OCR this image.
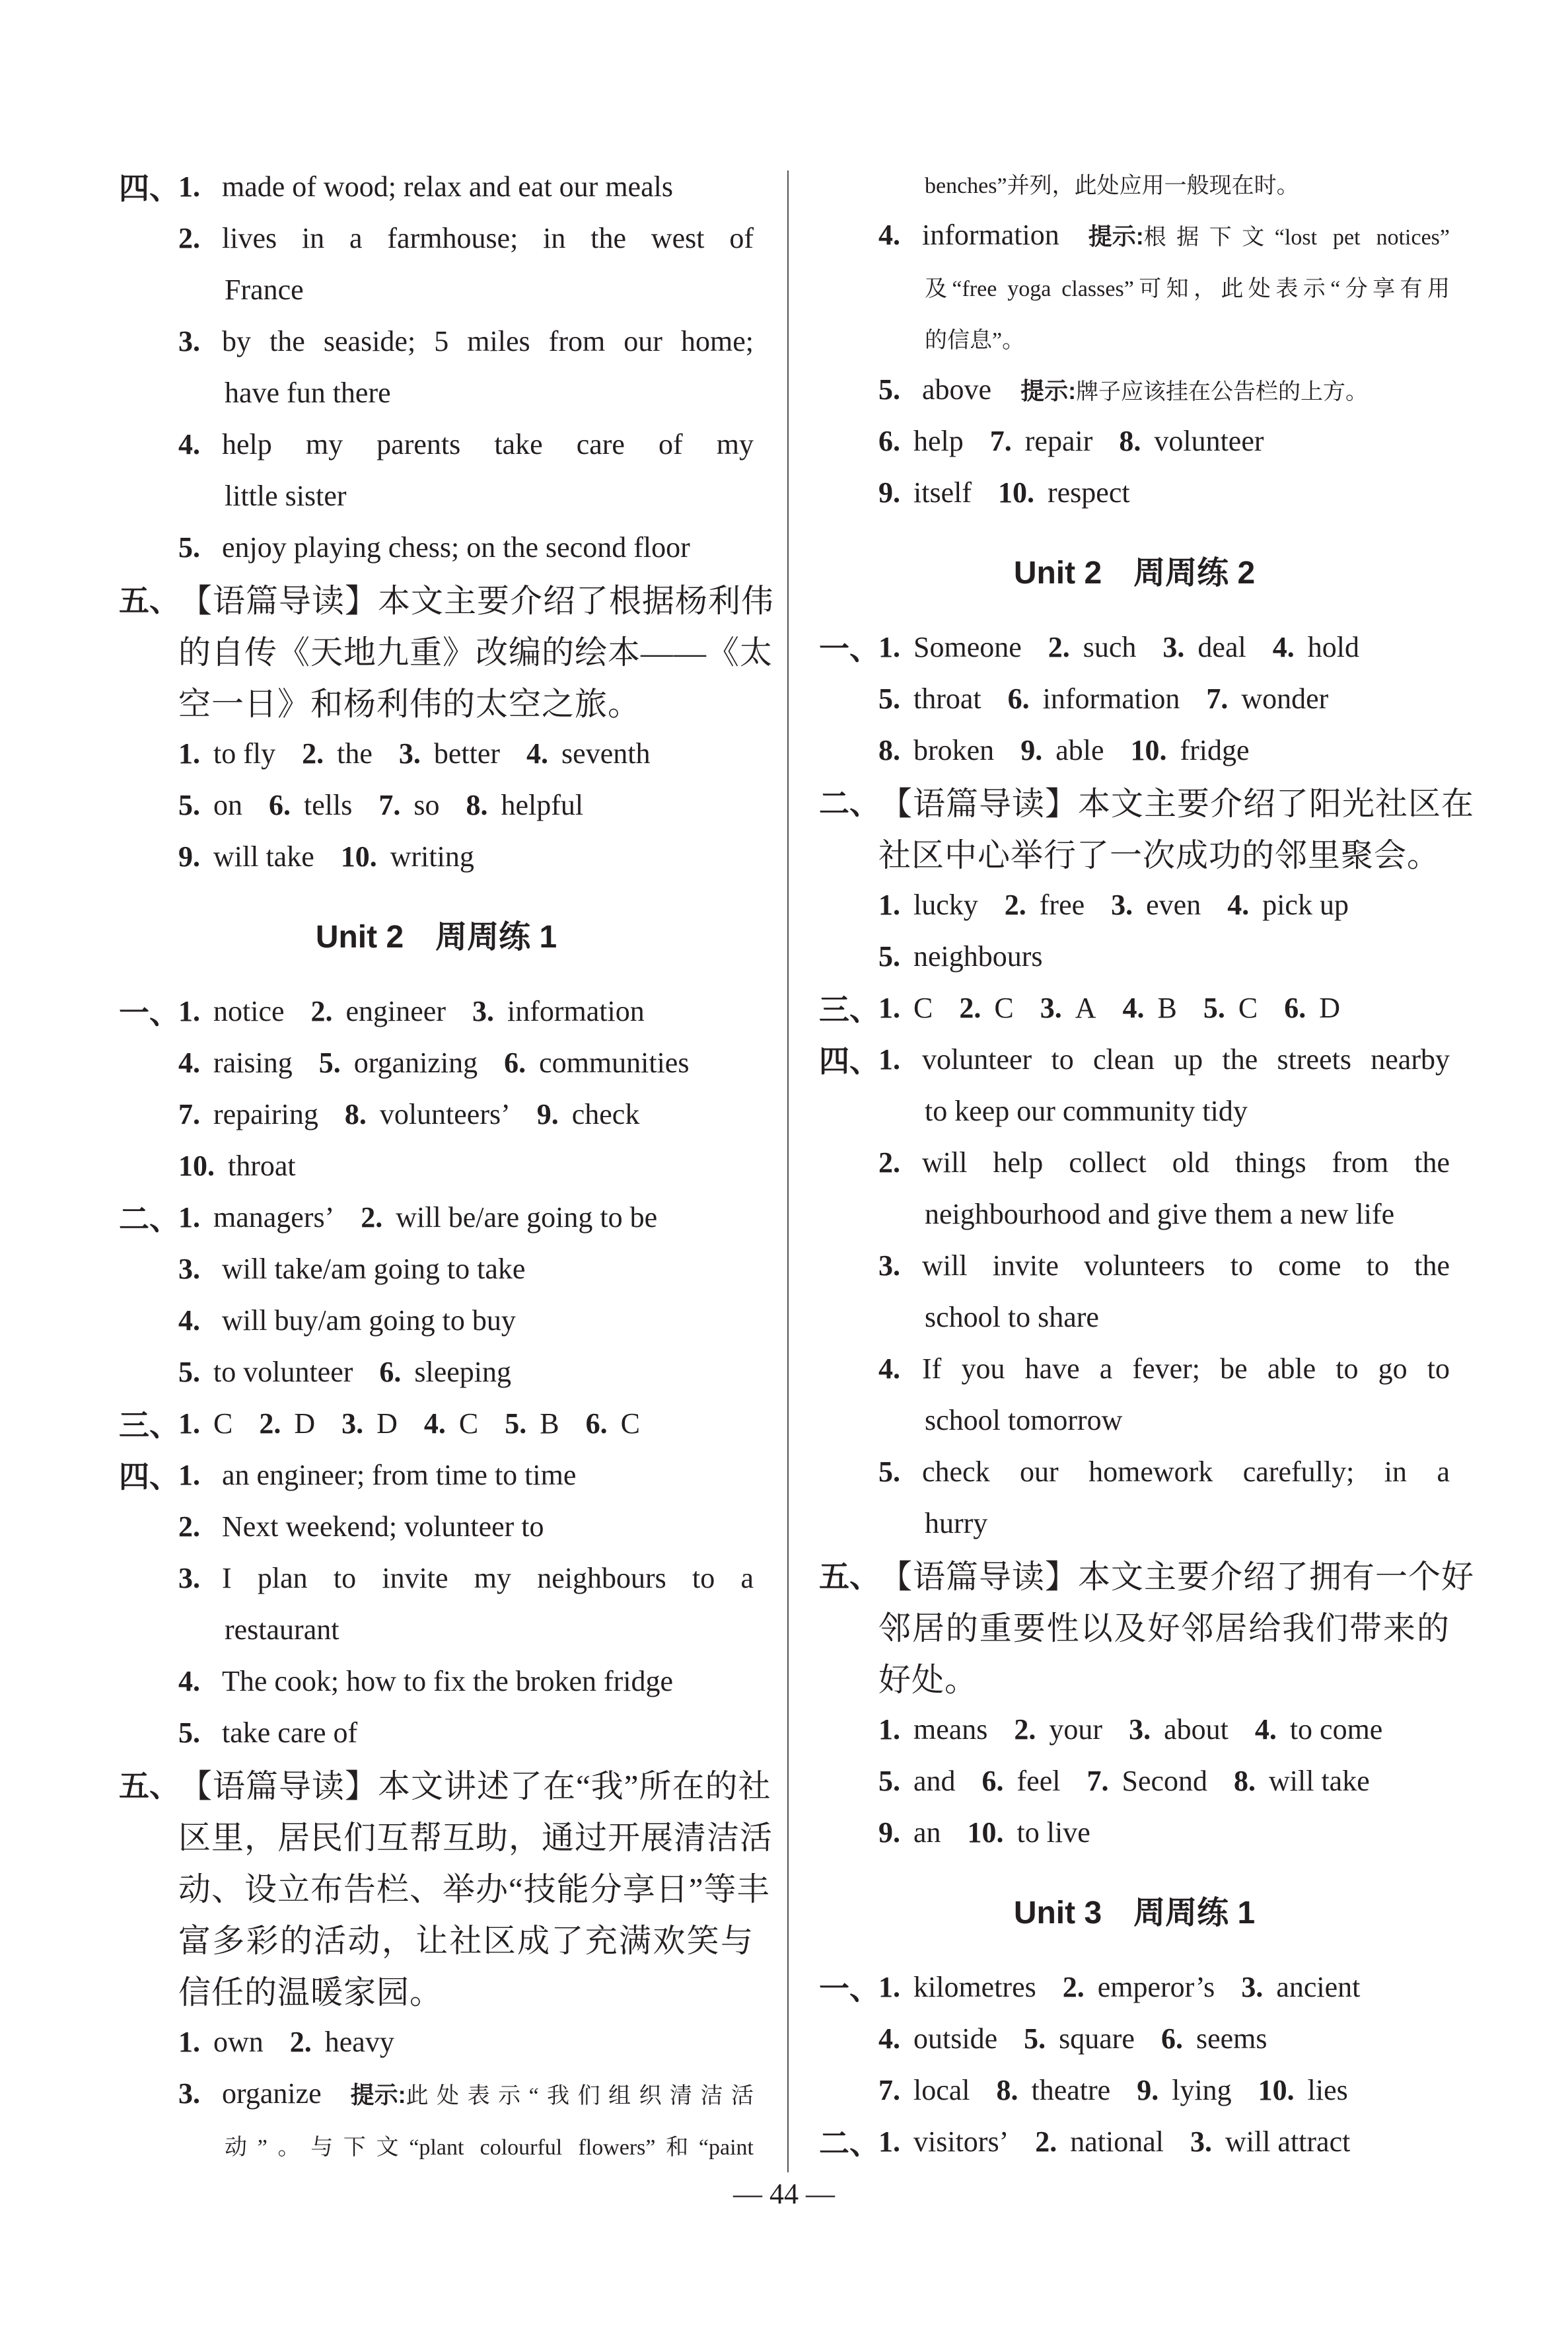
四、
1. made of wood; relax and eat our meals
2. lives in a farmhouse; in the west of
France
3. by the seaside; 5 miles from our home;
have fun there
4. help my parents take care of my
little sister
5. enjoy playing chess; on the second floor
五、 【语篇导读】本文主要介绍了根据杨利伟
的自传《天地九重》改编的绘本——《太
空一日》和杨利伟的太空之旅。
1. to fly 2. the 3. better 4. seventh
5. on 6. tells 7. so 8. helpful
9. will take 10. writing
Unit 2　周周练 1
一、
1. notice 2. engineer 3. information
4. raising 5. organizing 6. communities
7. repairing 8. volunteers’ 9. check
10. throat
二、
1. managers’ 2. will be/are going to be
3. will take/am going to take
4. will buy/am going to buy
5. to volunteer 6. sleeping
三、
1. C 2. D 3. D 4. C 5. B 6. C
四、
1. an engineer; from time to time
2. Next weekend; volunteer to
3. I plan to invite my neighbours to a
restaurant
4. The cook; how to fix the broken fridge
5. take care of
五、 【语篇导读】本文讲述了在“我”所在的社
区里，居民们互帮互助，通过开展清洁活
动、设立布告栏、举办“技能分享日”等丰
富多彩的活动，让社区成了充满欢笑与
信任的温暖家园。
1. own 2. heavy
3. organize 提示: 此处表示“我们组织清洁活
动”。与下文“plant colourful flowers”和“paint
benches”并列，此处应用一般现在时。
4. information 提示: 根据下文“lost pet notices”
及“free yoga classes”可知，此处表示“分享有用
的信息”。
5. above 提示: 牌子应该挂在公告栏的上方。
6. help 7. repair 8. volunteer
9. itself 10. respect
Unit 2　周周练 2
一、
1. Someone 2. such 3. deal 4. hold
5. throat 6. information 7. wonder
8. broken 9. able 10. fridge
二、 【语篇导读】本文主要介绍了阳光社区在
社区中心举行了一次成功的邻里聚会。
1. lucky 2. free 3. even 4. pick up
5. neighbours
三、
1. C 2. C 3. A 4. B 5. C 6. D
四、
1. volunteer to clean up the streets nearby
to keep our community tidy
2. will help collect old things from the
neighbourhood and give them a new life
3. will invite volunteers to come to the
school to share
4. If you have a fever; be able to go to
school tomorrow
5. check our homework carefully; in a
hurry
五、 【语篇导读】本文主要介绍了拥有一个好
邻居的重要性以及好邻居给我们带来的
好处。
1. means 2. your 3. about 4. to come
5. and 6. feel 7. Second 8. will take
9. an 10. to live
Unit 3　周周练 1
一、
1. kilometres 2. emperor’s 3. ancient
4. outside 5. square 6. seems
7. local 8. theatre 9. lying 10. lies
二、
1. visitors’ 2. national 3. will attract
— 44 —
